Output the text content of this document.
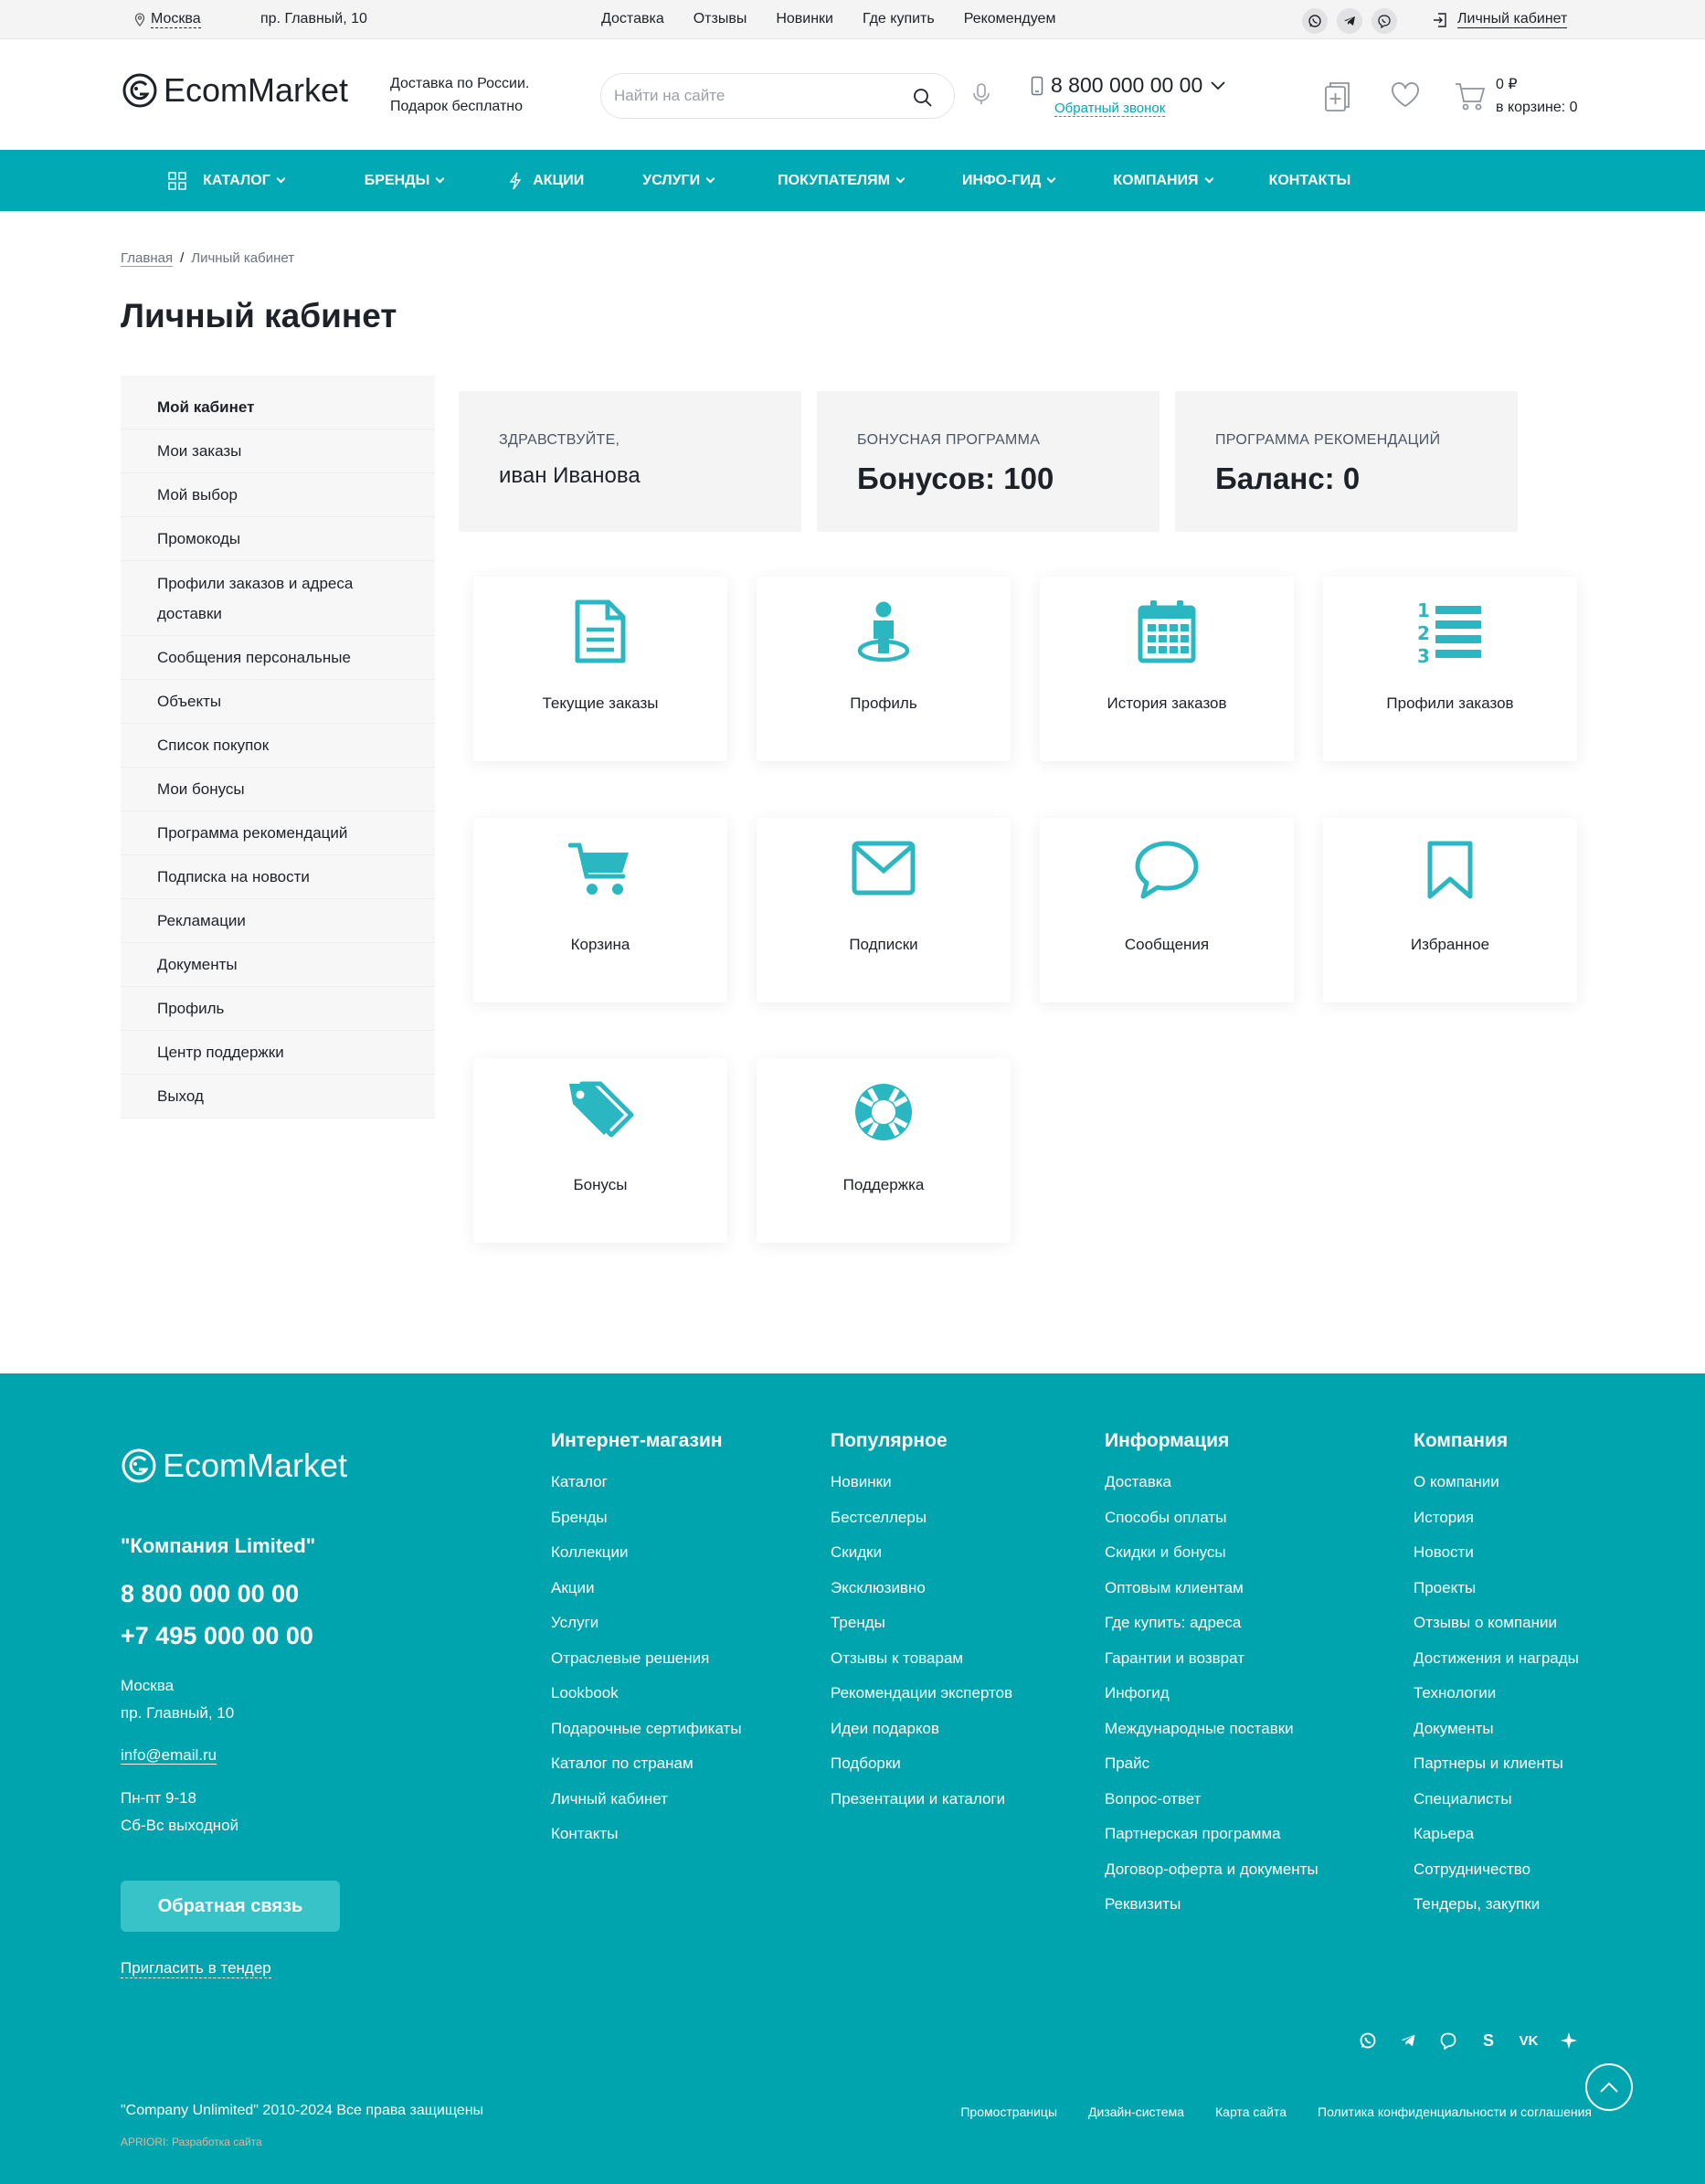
Москва	пр. Главный, 10	Доставка Отзывы Новинки Где купить Рекомендуем	Личный кабинет
EcomMarket	Доставка по России.
Подарок бесплатно
Найти на сайте
8 800 000 00 00
Обратный звонок
0 ₽
в корзине: 0
КАТАЛОГ	БРЕНДЫ	АКЦИИ	УСЛУГИ	ПОКУПАТЕЛЯМ	ИНФО-ГИД	КОМПАНИЯ	КОНТАКТЫ
Главная / Личный кабинет
Личный кабинет
Мой кабинет
Мои заказы
Мой выбор
Промокоды
Профили заказов и адреса доставки
Сообщения персональные
Объекты
Список покупок
Мои бонусы
Программа рекомендаций
Подписка на новости
Рекламации
Документы
Профиль
Центр поддержки
Выход
ЗДРАВСТВУЙТЕ,
иван Иванова
БОНУСНАЯ ПРОГРАММА
Бонусов: 100
ПРОГРАММА РЕКОМЕНДАЦИЙ
Баланс: 0
Текущие заказы	Профиль	История заказов
1
2
3
Профили заказов
Корзина	Подписки	Сообщения	Избранное
Бонусы	Поддержка
EcomMarket
"Компания Limited"
8 800 000 00 00
+7 495 000 00 00
Москва
пр. Главный, 10
info@email.ru
Пн-пт 9-18
Сб-Вс выходной
Обратная связь
Пригласить в тендер
Интернет-магазин
Каталог
Бренды
Коллекции
Акции
Услуги
Отраслевые решения
Lookbook
Подарочные сертификаты
Каталог по странам
Личный кабинет
Контакты
Популярное
Новинки
Бестселлеры
Скидки
Эксклюзивно
Тренды
Отзывы к товарам
Рекомендации экспертов
Идеи подарков
Подборки
Презентации и каталоги
Информация
Доставка
Способы оплаты
Скидки и бонусы
Оптовым клиентам
Где купить: адреса
Гарантии и возврат
Инфогид
Международные поставки
Прайс
Вопрос-ответ
Партнерская программа
Договор-оферта и документы
Реквизиты
Компания
О компании
История
Новости
Проекты
Отзывы о компании
Достижения и награды
Технологии
Документы
Партнеры и клиенты
Специалисты
Карьера
Сотрудничество
Тендеры, закупки
S	VK
"Company Unlimited" 2010-2024 Все права защищены
APRIORI: Разработка сайта
Промостраницы Дизайн-система Карта сайта Политика конфиденциальности и соглашения
